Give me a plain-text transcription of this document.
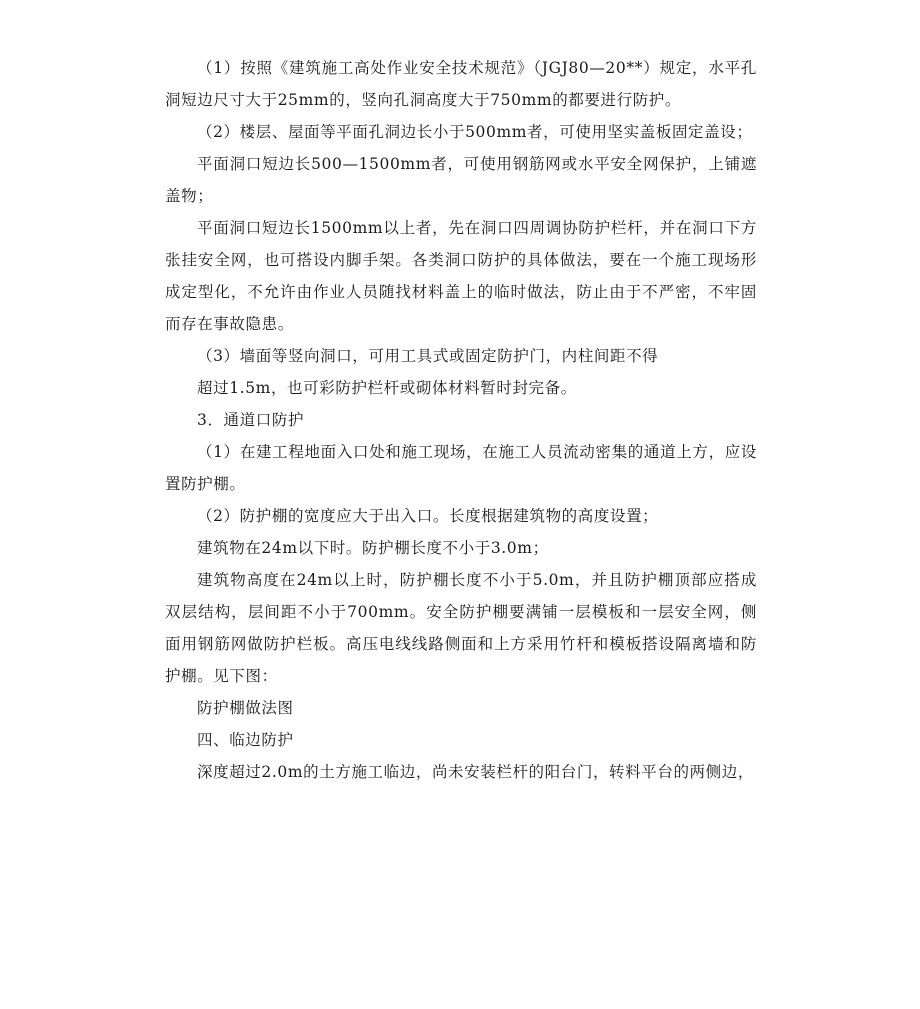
（1）按照《建筑施工高处作业安全技术规范》（JGJ80—20**）规定，水平孔洞短边尺寸大于25mm的，竖向孔洞高度大于750mm的都要进行防护。

（2）楼层、屋面等平面孔洞边长小于500mm者，可使用坚实盖板固定盖设；

平面洞口短边长500—1500mm者，可使用钢筋网或水平安全网保护，上铺遮盖物；

平面洞口短边长1500mm以上者，先在洞口四周调协防护栏杆，并在洞口下方张挂安全网，也可搭设内脚手架。各类洞口防护的具体做法，要在一个施工现场形成定型化，不允许由作业人员随找材料盖上的临时做法，防止由于不严密，不牢固而存在事故隐患。

（3）墙面等竖向洞口，可用工具式或固定防护门，内柱间距不得

超过1.5m，也可彩防护栏杆或砌体材料暂时封完备。

3．通道口防护

（1）在建工程地面入口处和施工现场，在施工人员流动密集的通道上方，应设置防护棚。

（2）防护棚的宽度应大于出入口。长度根据建筑物的高度设置；

建筑物在24m以下时。防护棚长度不小于3.0m；

建筑物高度在24m以上时，防护棚长度不小于5.0m，并且防护棚顶部应搭成双层结构，层间距不小于700mm。安全防护棚要满铺一层模板和一层安全网，侧面用钢筋网做防护栏板。高压电线线路侧面和上方采用竹杆和模板搭设隔离墙和防护棚。见下图：

防护棚做法图

四、临边防护

深度超过2.0m的土方施工临边，尚未安装栏杆的阳台门，转料平台的两侧边，
